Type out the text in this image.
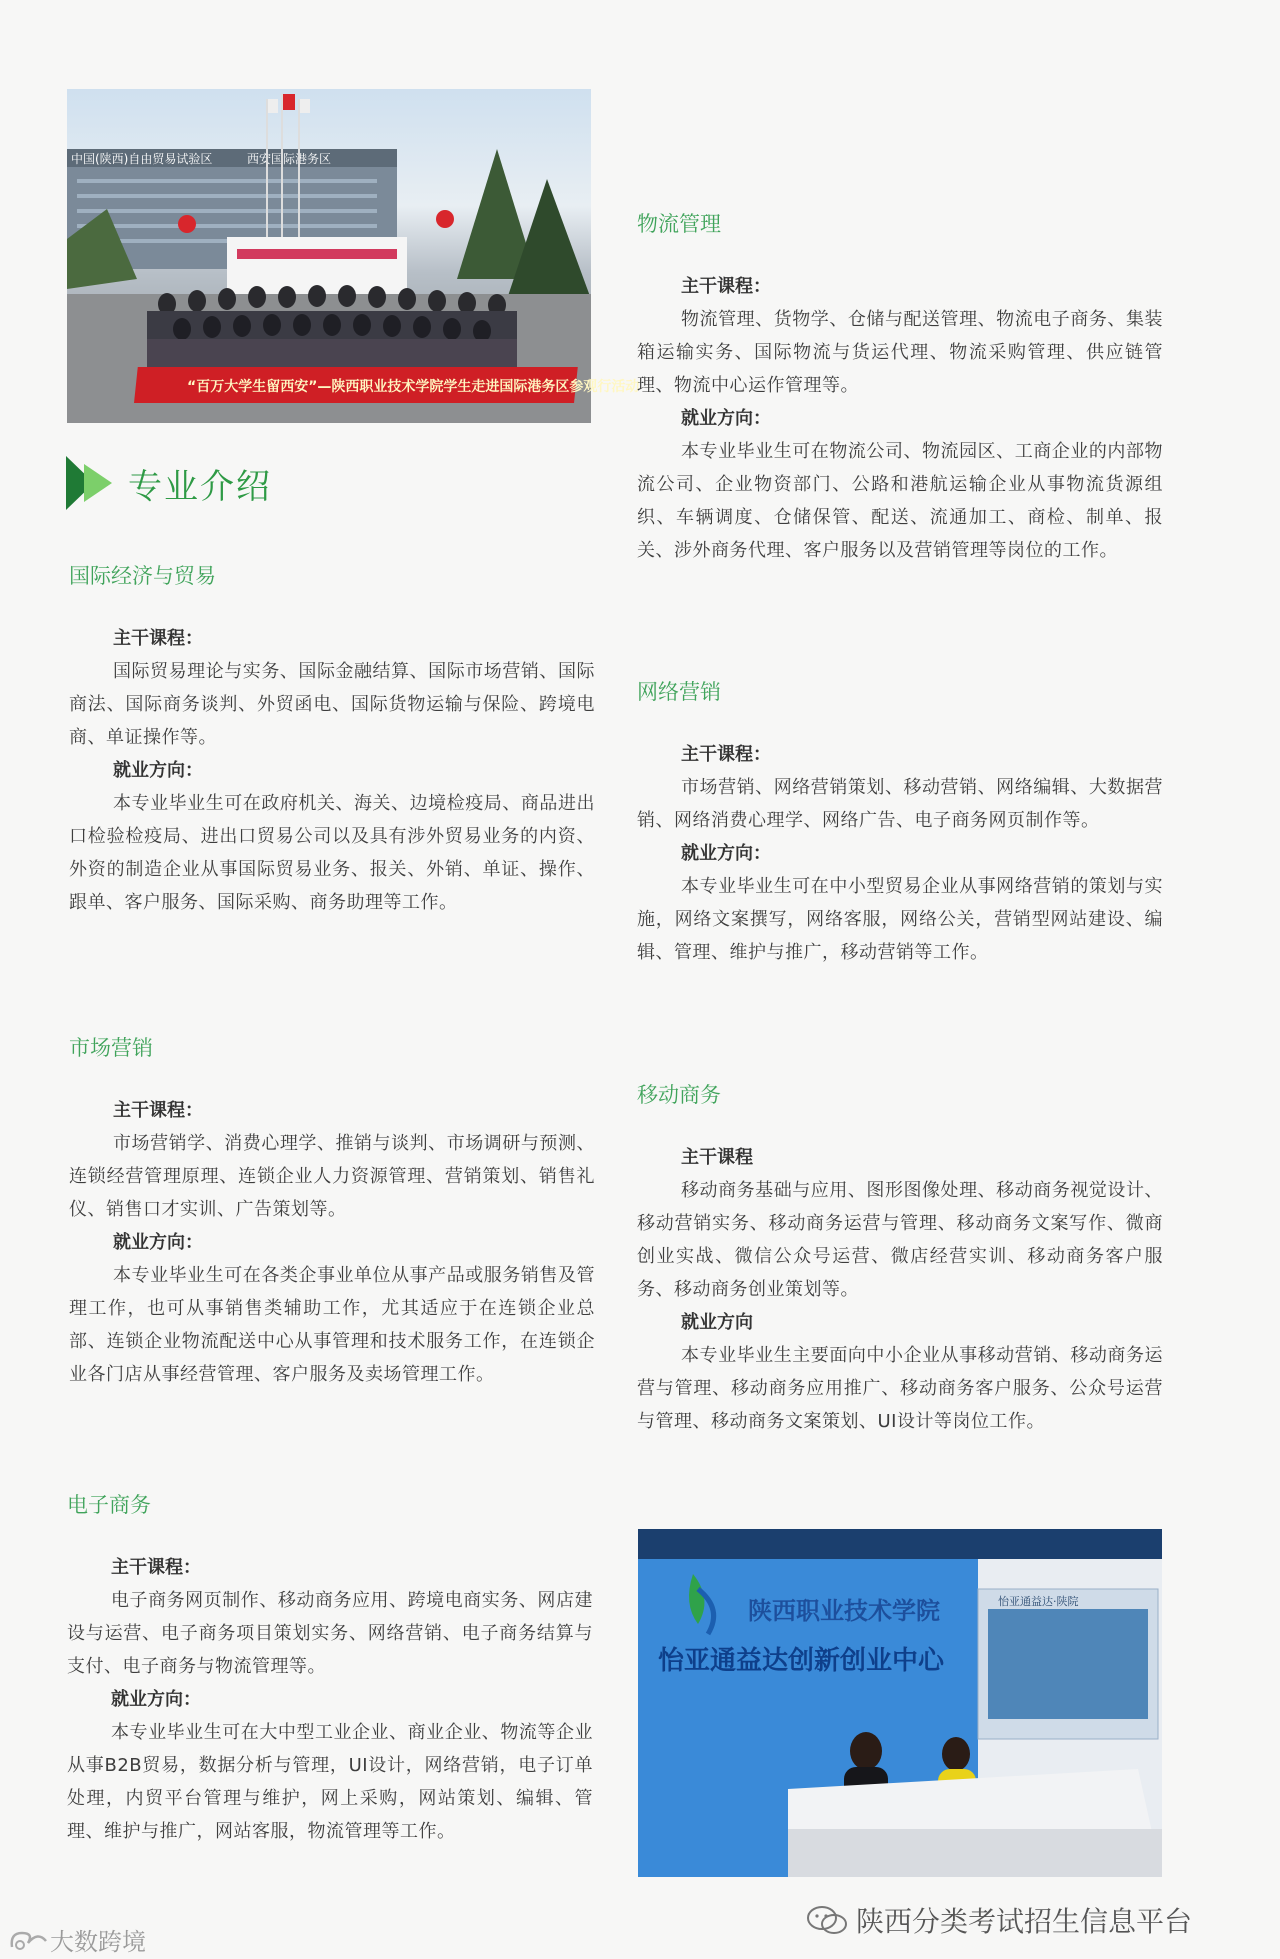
中国(陕西)自由贸易试验区	西安国际港务区
“百万大学生留西安”—陕西职业技术学院学生走进国际港务区参观行活动
专业介绍
国际经济与贸易
主干课程：

国际贸易理论与实务、国际金融结算、国际市场营销、国际商法、国际商务谈判、外贸函电、国际货物运输与保险、跨境电商、单证操作等。

就业方向：

本专业毕业生可在政府机关、海关、边境检疫局、商品进出口检验检疫局、进出口贸易公司以及具有涉外贸易业务的内资、外资的制造企业从事国际贸易业务、报关、外销、单证、操作、跟单、客户服务、国际采购、商务助理等工作。

市场营销
主干课程：

市场营销学、消费心理学、推销与谈判、市场调研与预测、连锁经营管理原理、连锁企业人力资源管理、营销策划、销售礼仪、销售口才实训、广告策划等。

就业方向：

本专业毕业生可在各类企事业单位从事产品或服务销售及管理工作，也可从事销售类辅助工作，尤其适应于在连锁企业总部、连锁企业物流配送中心从事管理和技术服务工作，在连锁企业各门店从事经营管理、客户服务及卖场管理工作。

电子商务
主干课程：

电子商务网页制作、移动商务应用、跨境电商实务、网店建设与运营、电子商务项目策划实务、网络营销、电子商务结算与支付、电子商务与物流管理等。

就业方向：

本专业毕业生可在大中型工业企业、商业企业、物流等企业从事B2B贸易，数据分析与管理，UI设计，网络营销，电子订单处理，内贸平台管理与维护，网上采购，网站策划、编辑、管理、维护与推广，网站客服，物流管理等工作。

物流管理
主干课程：

物流管理、货物学、仓储与配送管理、物流电子商务、集装箱运输实务、国际物流与货运代理、物流采购管理、供应链管理、物流中心运作管理等。

就业方向：

本专业毕业生可在物流公司、物流园区、工商企业的内部物流公司、企业物资部门、公路和港航运输企业从事物流货源组织、车辆调度、仓储保管、配送、流通加工、商检、制单、报关、涉外商务代理、客户服务以及营销管理等岗位的工作。

网络营销
主干课程：

市场营销、网络营销策划、移动营销、网络编辑、大数据营销、网络消费心理学、网络广告、电子商务网页制作等。

就业方向：

本专业毕业生可在中小型贸易企业从事网络营销的策划与实施，网络文案撰写，网络客服，网络公关，营销型网站建设、编辑、管理、维护与推广，移动营销等工作。

移动商务
主干课程

移动商务基础与应用、图形图像处理、移动商务视觉设计、移动营销实务、移动商务运营与管理、移动商务文案写作、微商创业实战、微信公众号运营、微店经营实训、移动商务客户服务、移动商务创业策划等。

就业方向

本专业毕业生主要面向中小企业从事移动营销、移动商务运营与管理、移动商务应用推广、移动商务客户服务、公众号运营与管理、移动商务文案策划、UI设计等岗位工作。

怡亚通益达·陕院
陕西职业技术学院
怡亚通益达创新创业中心
陕西分类考试招生信息平台
大数跨境
